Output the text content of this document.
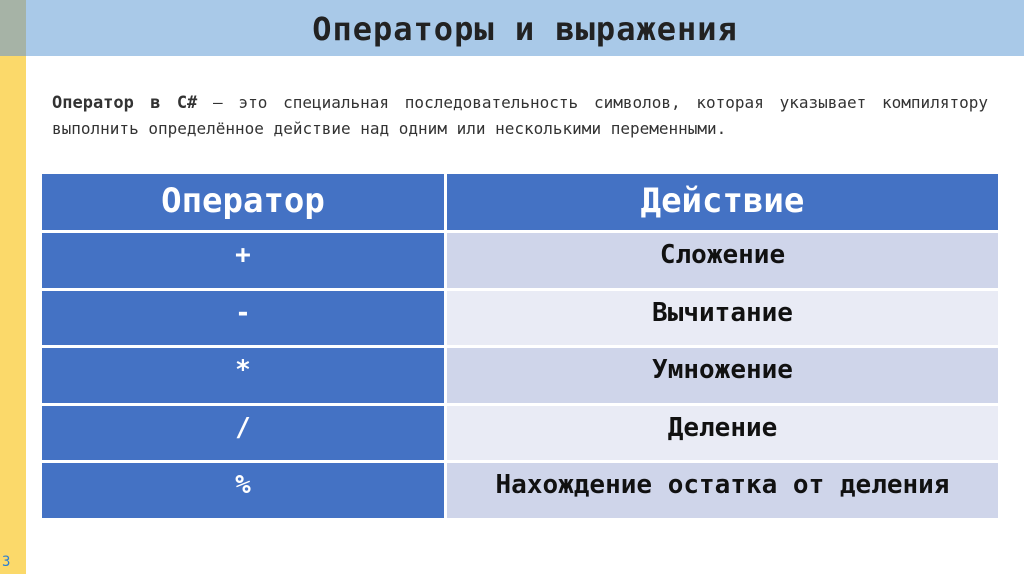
Операторы и выражения
3
Оператор в C# — это специальная последовательность символов, которая указывает компилятору выполнить определённое действие над одним или несколькими переменными.
Оператор	Действие
+	Сложение
-	Вычитание
*	Умножение
/	Деление
%	Нахождение остатка от деления
